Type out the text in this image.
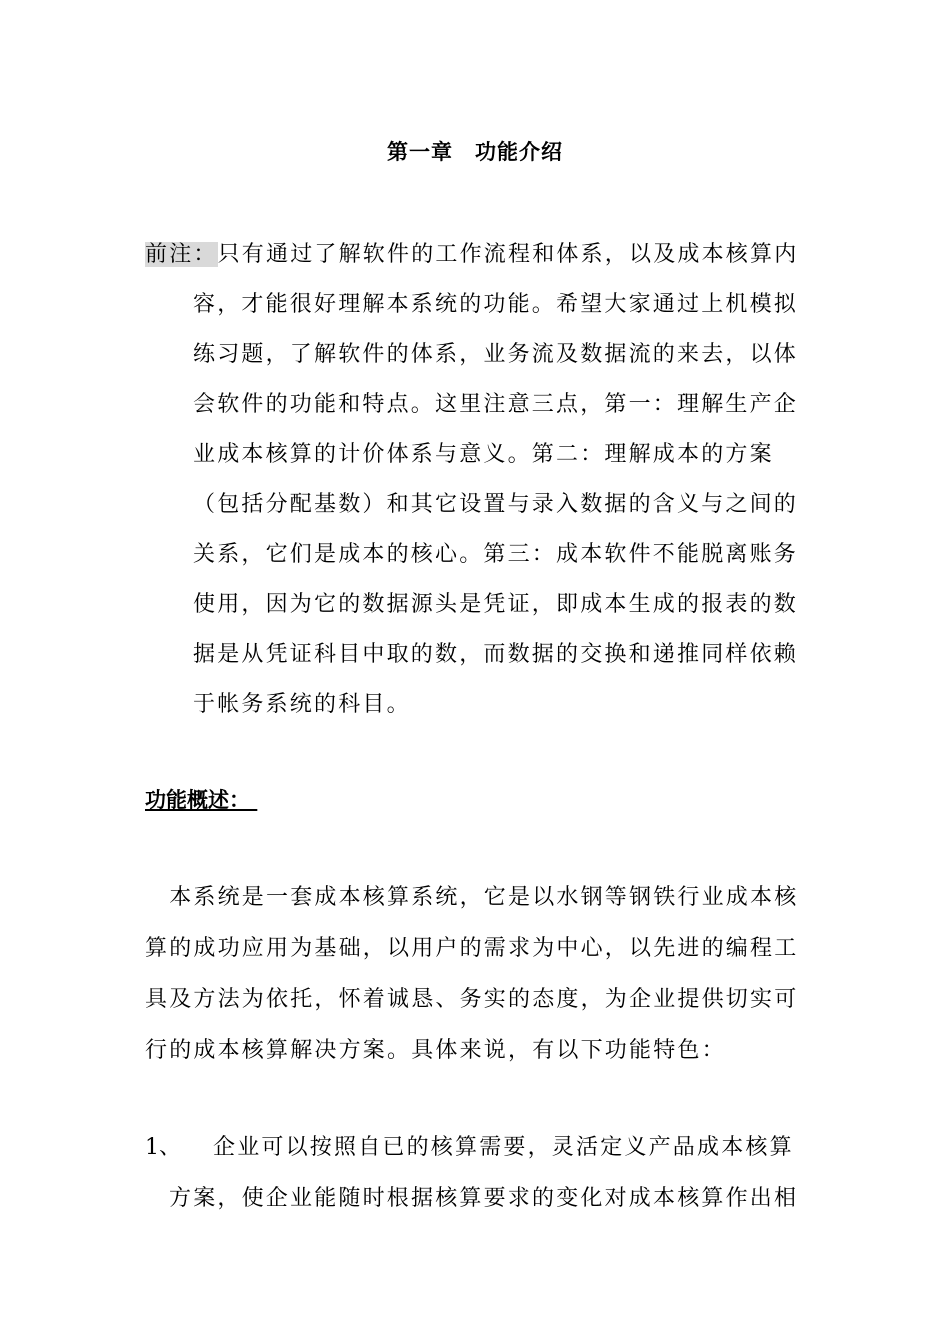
第一章　功能介绍
前注：只有通过了解软件的工作流程和体系，以及成本核算内
容，才能很好理解本系统的功能。希望大家通过上机模拟
练习题，了解软件的体系，业务流及数据流的来去，以体
会软件的功能和特点。这里注意三点，第一：理解生产企
业成本核算的计价体系与意义。第二：理解成本的方案
（包括分配基数）和其它设置与录入数据的含义与之间的
关系，它们是成本的核心。第三：成本软件不能脱离账务
使用，因为它的数据源头是凭证，即成本生成的报表的数
据是从凭证科目中取的数，而数据的交换和递推同样依赖
于帐务系统的科目。
功能概述：
　本系统是一套成本核算系统，它是以水钢等钢铁行业成本核
算的成功应用为基础，以用户的需求为中心，以先进的编程工
具及方法为依托，怀着诚恳、务实的态度，为企业提供切实可
行的成本核算解决方案。具体来说，有以下功能特色：
1、 企业可以按照自已的核算需要，灵活定义产品成本核算
方案，使企业能随时根据核算要求的变化对成本核算作出相
